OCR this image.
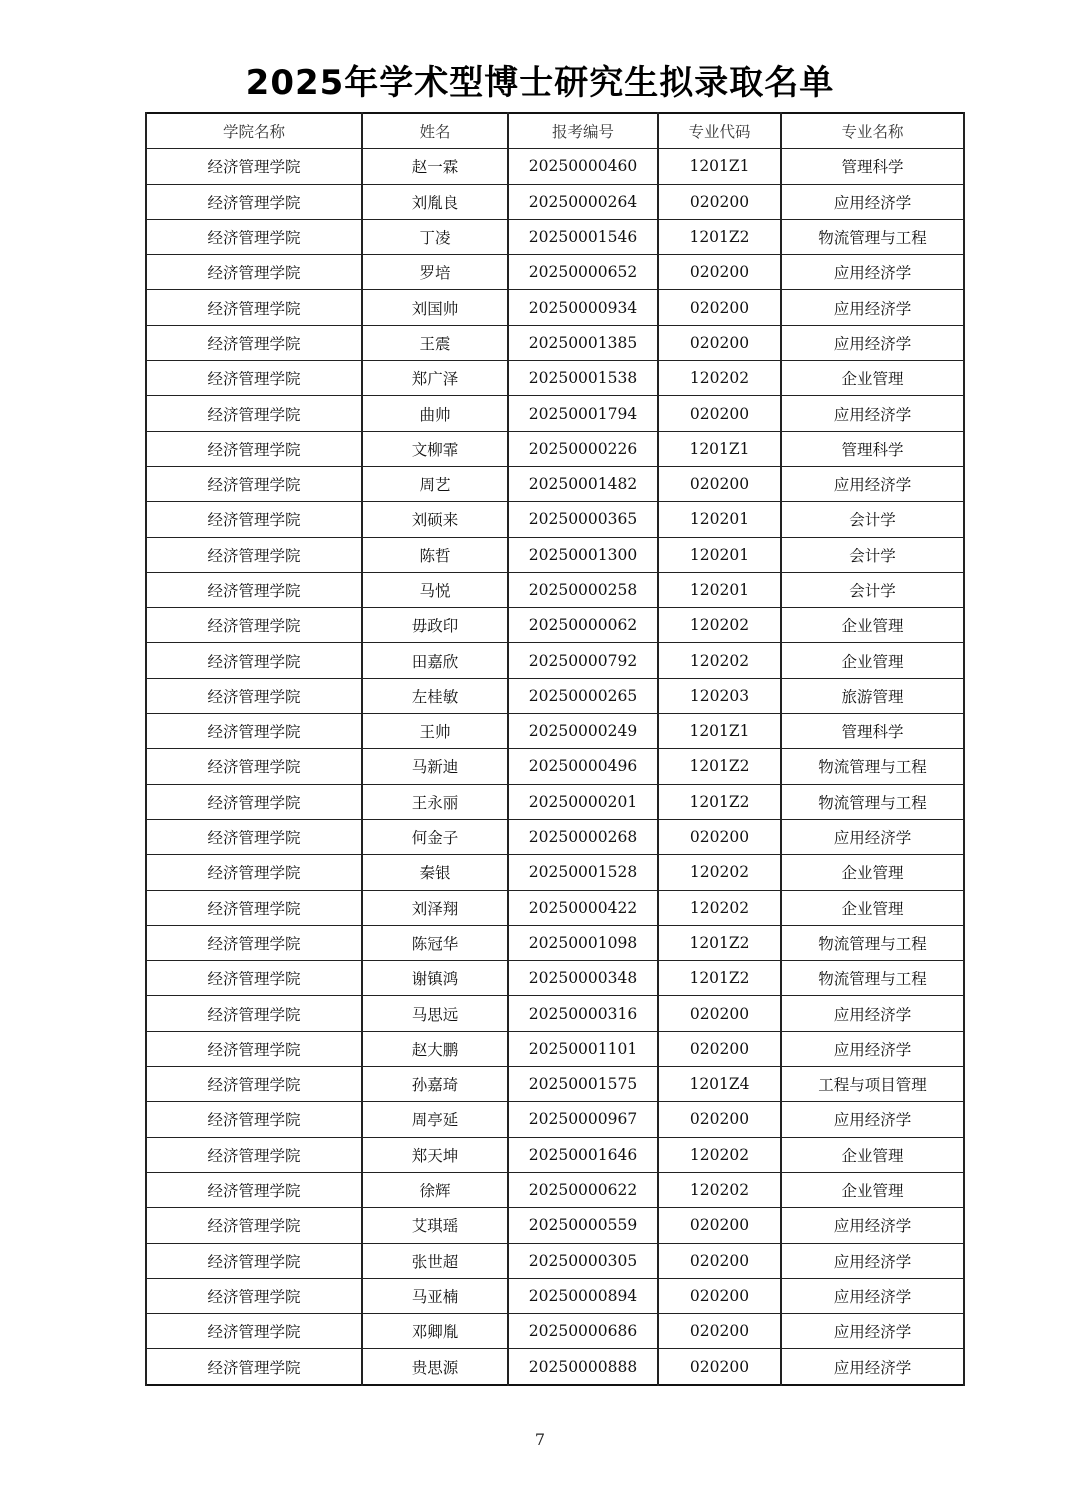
2025年学术型博士研究生拟录取名单
学院名称	姓名	报考编号	专业代码	专业名称
经济管理学院	赵一霖	20250000460	1201Z1	管理科学
经济管理学院	刘胤良	20250000264	020200	应用经济学
经济管理学院	丁凌	20250001546	1201Z2	物流管理与工程
经济管理学院	罗培	20250000652	020200	应用经济学
经济管理学院	刘国帅	20250000934	020200	应用经济学
经济管理学院	王震	20250001385	020200	应用经济学
经济管理学院	郑广泽	20250001538	120202	企业管理
经济管理学院	曲帅	20250001794	020200	应用经济学
经济管理学院	文柳霏	20250000226	1201Z1	管理科学
经济管理学院	周艺	20250001482	020200	应用经济学
经济管理学院	刘硕来	20250000365	120201	会计学
经济管理学院	陈哲	20250001300	120201	会计学
经济管理学院	马悦	20250000258	120201	会计学
经济管理学院	毋政印	20250000062	120202	企业管理
经济管理学院	田嘉欣	20250000792	120202	企业管理
经济管理学院	左桂敏	20250000265	120203	旅游管理
经济管理学院	王帅	20250000249	1201Z1	管理科学
经济管理学院	马新迪	20250000496	1201Z2	物流管理与工程
经济管理学院	王永丽	20250000201	1201Z2	物流管理与工程
经济管理学院	何金子	20250000268	020200	应用经济学
经济管理学院	秦银	20250001528	120202	企业管理
经济管理学院	刘泽翔	20250000422	120202	企业管理
经济管理学院	陈冠华	20250001098	1201Z2	物流管理与工程
经济管理学院	谢镇鸿	20250000348	1201Z2	物流管理与工程
经济管理学院	马思远	20250000316	020200	应用经济学
经济管理学院	赵大鹏	20250001101	020200	应用经济学
经济管理学院	孙嘉琦	20250001575	1201Z4	工程与项目管理
经济管理学院	周亭延	20250000967	020200	应用经济学
经济管理学院	郑天坤	20250001646	120202	企业管理
经济管理学院	徐辉	20250000622	120202	企业管理
经济管理学院	艾琪瑶	20250000559	020200	应用经济学
经济管理学院	张世超	20250000305	020200	应用经济学
经济管理学院	马亚楠	20250000894	020200	应用经济学
经济管理学院	邓卿胤	20250000686	020200	应用经济学
经济管理学院	贵思源	20250000888	020200	应用经济学
7
